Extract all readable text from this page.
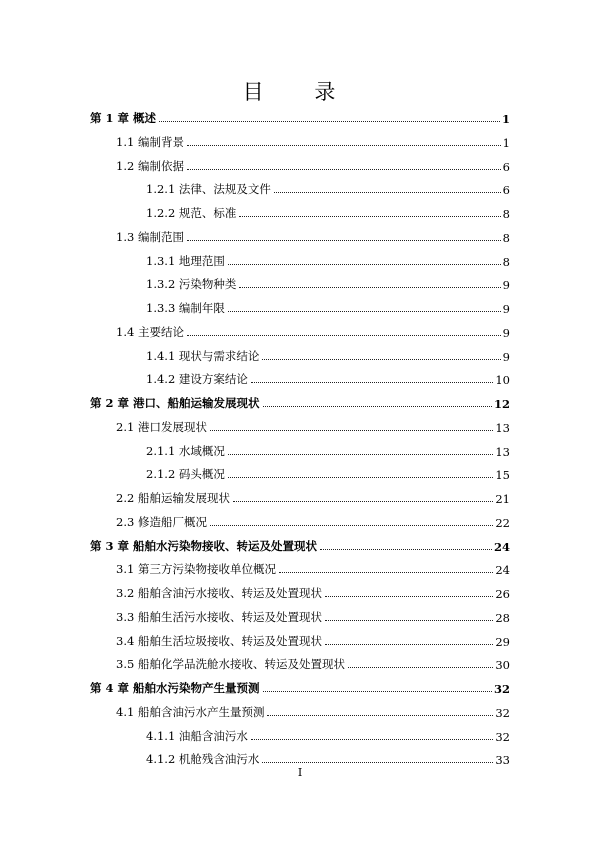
目 录
第 1 章 概述	1
1.1 编制背景	1
1.2 编制依据	6
1.2.1 法律、法规及文件	6
1.2.2 规范、标准	8
1.3 编制范围	8
1.3.1 地理范围	8
1.3.2 污染物种类	9
1.3.3 编制年限	9
1.4 主要结论	9
1.4.1 现状与需求结论	9
1.4.2 建设方案结论	10
第 2 章 港口、船舶运输发展现状	12
2.1 港口发展现状	13
2.1.1 水域概况	13
2.1.2 码头概况	15
2.2 船舶运输发展现状	21
2.3 修造船厂概况	22
第 3 章 船舶水污染物接收、转运及处置现状	24
3.1 第三方污染物接收单位概况	24
3.2 船舶含油污水接收、转运及处置现状	26
3.3 船舶生活污水接收、转运及处置现状	28
3.4 船舶生活垃圾接收、转运及处置现状	29
3.5 船舶化学品洗舱水接收、转运及处置现状	30
第 4 章 船舶水污染物产生量预测	32
4.1 船舶含油污水产生量预测	32
4.1.1 油船含油污水	32
4.1.2 机舱残含油污水	33
I
